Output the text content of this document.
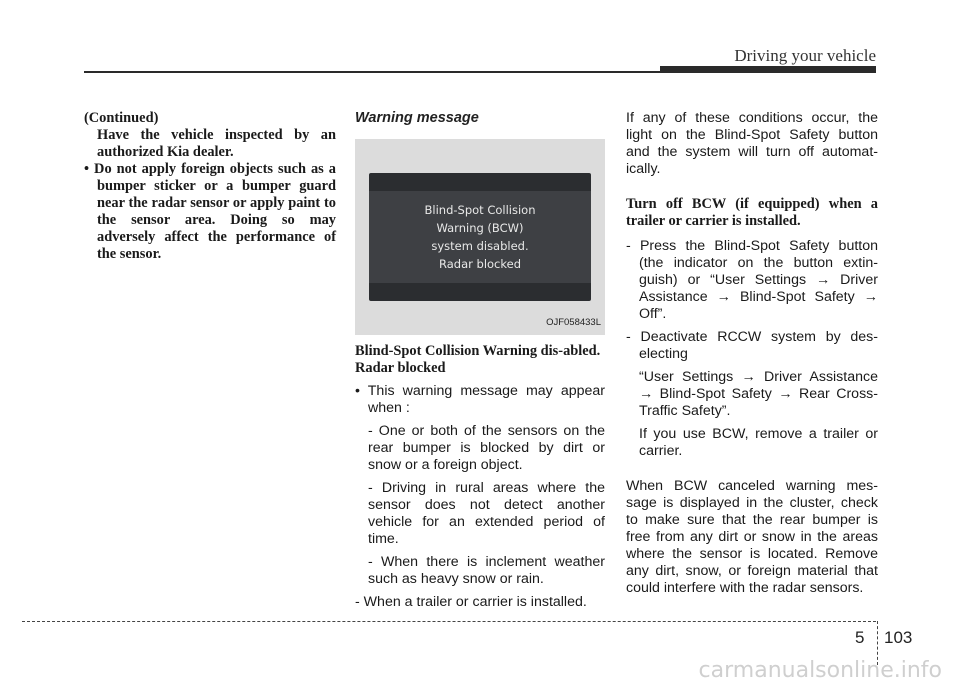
Driving your vehicle

(Continued)

Have the vehicle inspected by an authorized Kia dealer.

• Do not apply foreign objects such as a bumper sticker or a bumper guard near the radar sensor or apply paint to the sensor area. Doing so may adversely affect the performance of the sensor.

Warning message

Blind-Spot Collision
Warning (BCW)
system disabled.
Radar blocked
OJF058433L

Blind-Spot Collision Warning dis-abled. Radar blocked

• This warning message may appear when :

- One or both of the sensors on the rear bumper is blocked by dirt or snow or a foreign object.

- Driving in rural areas where the sensor does not detect another vehicle for an extended period of time.

- When there is inclement weather such as heavy snow or rain.

- When a trailer or carrier is installed.

If any of these conditions occur, the light on the Blind-Spot Safety button and the system will turn off automat-ically.

Turn off BCW (if equipped) when a trailer or carrier is installed.

- Press the Blind-Spot Safety button (the indicator on the button extin-guish) or “User Settings → Driver Assistance → Blind-Spot Safety → Off”.

- Deactivate RCCW system by des-electing

“User Settings → Driver Assistance → Blind-Spot Safety → Rear Cross-Traffic Safety”.

If you use BCW, remove a trailer or carrier.

When BCW canceled warning mes-sage is displayed in the cluster, check to make sure that the rear bumper is free from any dirt or snow in the areas where the sensor is located. Remove any dirt, snow, or foreign material that could interfere with the radar sensors.

5 103
carmanualsonline.info
